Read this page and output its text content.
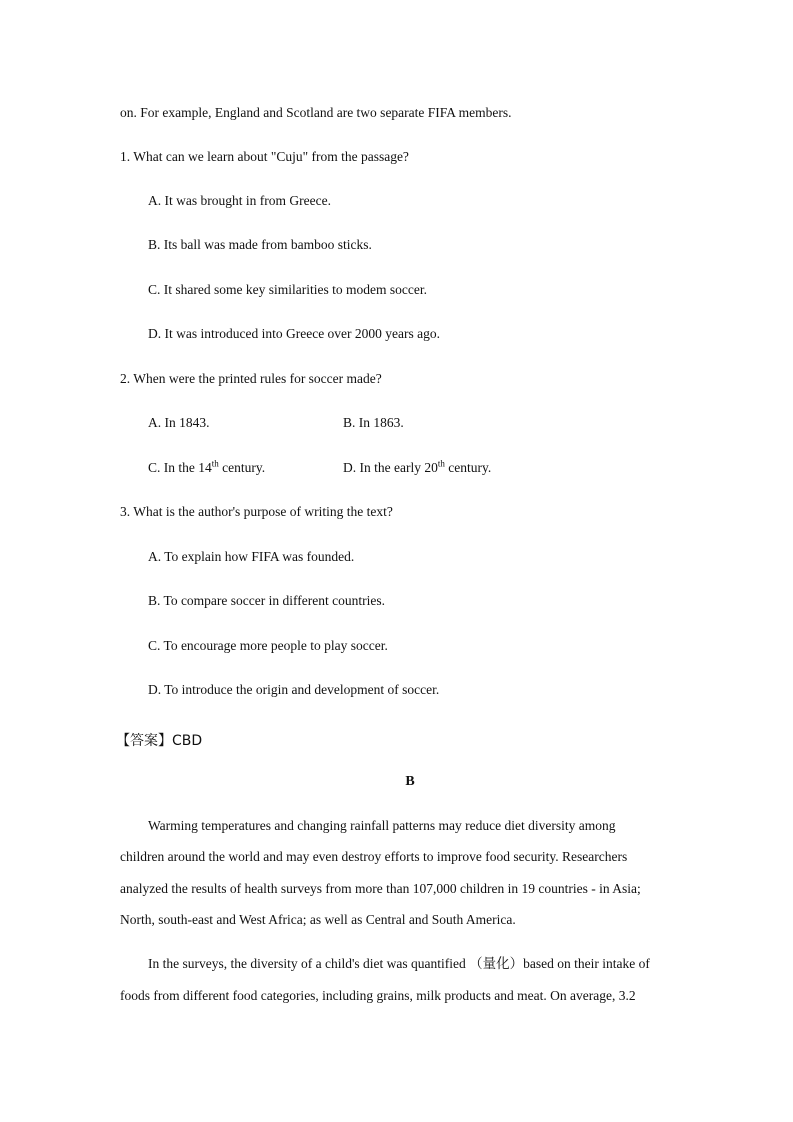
on. For example, England and Scotland are two separate FIFA members.

1. What can we learn about "Cuju" from the passage?

A. It was brought in from Greece.

B. Its ball was made from bamboo sticks.

C. It shared some key similarities to modem soccer.

D. It was introduced into Greece over 2000 years ago.

2. When were the printed rules for soccer made?

A. In 1843.	B. In 1863.

C. In the 14th century.	D. In the early 20th century.

3. What is the author's purpose of writing the text?

A. To explain how FIFA was founded.

B. To compare soccer in different countries.

C. To encourage more people to play soccer.

D. To introduce the origin and development of soccer.

【答案】CBD

B

Warming temperatures and changing rainfall patterns may reduce diet diversity among

children around the world and may even destroy efforts to improve food security. Researchers

analyzed the results of health surveys from more than 107,000 children in 19 countries - in Asia;

North, south-east and West Africa; as well as Central and South America.

In the surveys, the diversity of a child's diet was quantified （量化）based on their intake of

foods from different food categories, including grains, milk products and meat. On average, 3.2
